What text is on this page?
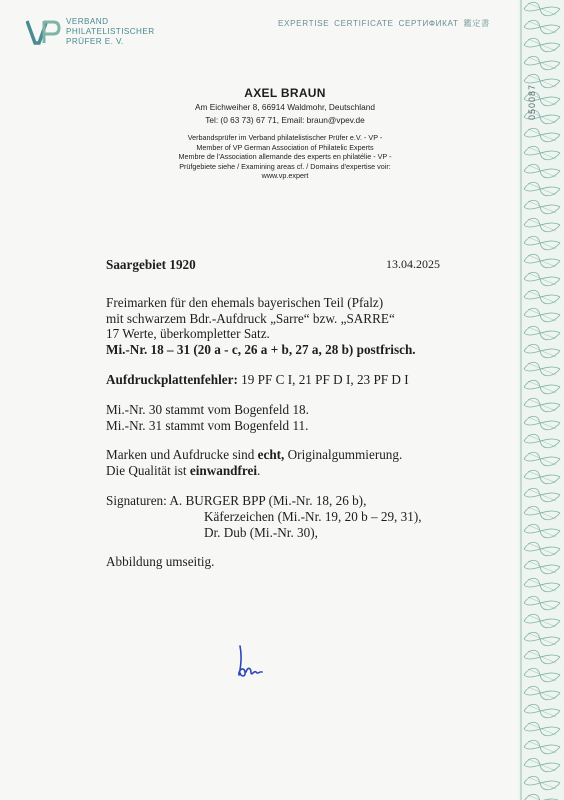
VERBAND
PHILATELISTISCHER
PRÜFER E. V.
EXPERTISE CERTIFICATE СЕРТИФИКАТ 鑑定書
AXEL BRAUN
Am Eichweiher 8, 66914 Waldmohr, Deutschland
Tel: (0 63 73) 67 71, Email: braun@vpev.de
Verbandsprüfer im Verband philatelistischer Prüfer e.V. - VP -
Member of VP German Association of Philatelic Experts
Membre de l'Association allemande des experts en philatélie - VP -
Prüfgebiete siehe / Examining areas cf. / Domains d'expertise voir:
www.vp.expert
050087
Saargebiet 1920	13.04.2025

Freimarken für den ehemals bayerischen Teil (Pfalz)

mit schwarzem Bdr.-Aufdruck „Sarre“ bzw. „SARRE“

17 Werte, überkompletter Satz.

Mi.-Nr. 18 – 31 (20 a - c, 26 a + b, 27 a, 28 b) postfrisch.

Aufdruckplattenfehler: 19 PF C I, 21 PF D I, 23 PF D I

Mi.-Nr. 30 stammt vom Bogenfeld 18.

Mi.-Nr. 31 stammt vom Bogenfeld 11.

Marken und Aufdrucke sind echt, Originalgummierung.

Die Qualität ist einwandfrei.

Signaturen: A. BURGER BPP (Mi.-Nr. 18, 26 b),

Käferzeichen (Mi.-Nr. 19, 20 b – 29, 31),

Dr. Dub (Mi.-Nr. 30),

Abbildung umseitig.
